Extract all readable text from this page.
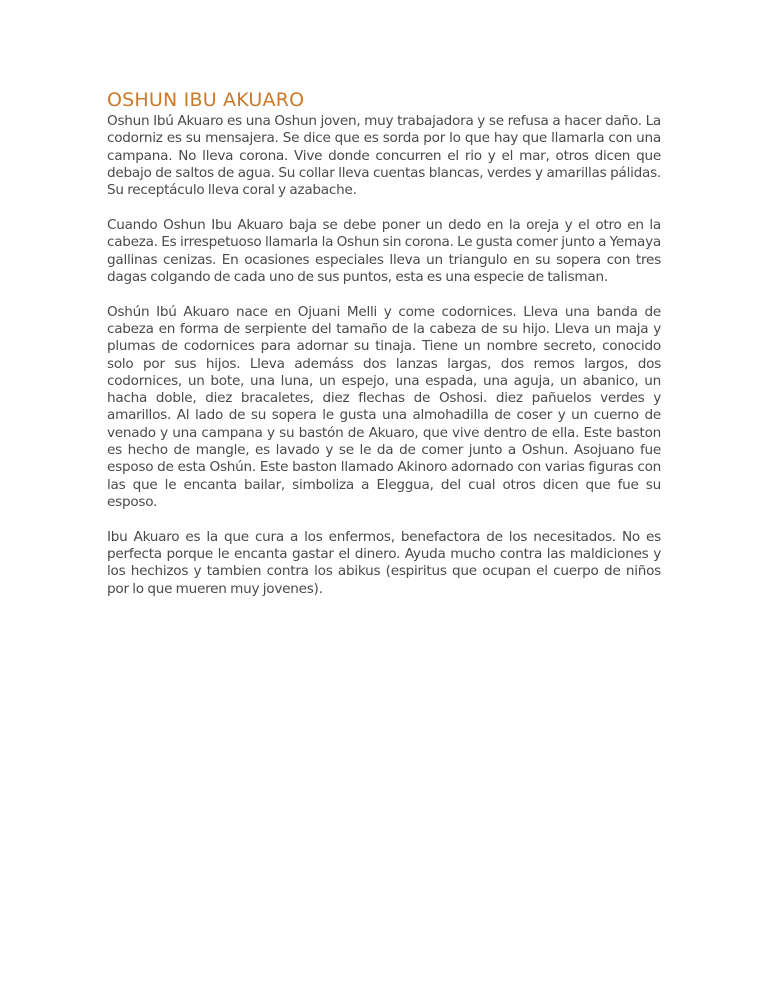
OSHUN IBU AKUARO

Oshun Ibú Akuaro es una Oshun joven, muy trabajadora y se refusa a hacer daño. La codorniz es su mensajera. Se dice que es sorda por lo que hay que llamarla con una campana. No lleva corona. Vive donde concurren el rio y el mar, otros dicen que debajo de saltos de agua. Su collar lleva cuentas blancas, verdes y amarillas pálidas. Su receptáculo lleva coral y azabache.

Cuando Oshun Ibu Akuaro baja se debe poner un dedo en la oreja y el otro en la cabeza. Es irrespetuoso llamarla la Oshun sin corona. Le gusta comer junto a Yemaya gallinas cenizas. En ocasiones especiales lleva un triangulo en su sopera con tres dagas colgando de cada uno de sus puntos, esta es una especie de talisman.

Oshún Ibú Akuaro nace en Ojuani Melli y come codornices. Lleva una banda de cabeza en forma de serpiente del tamaño de la cabeza de su hijo. Lleva un maja y plumas de codornices para adornar su tinaja. Tiene un nombre secreto, conocido solo por sus hijos. Lleva ademáss dos lanzas largas, dos remos largos, dos codornices, un bote, una luna, un espejo, una espada, una aguja, un abanico, un hacha doble, diez bracaletes, diez flechas de Oshosi. diez pañuelos verdes y amarillos. Al lado de su sopera le gusta una almohadilla de coser y un cuerno de venado y una campana y su bastón de Akuaro, que vive dentro de ella. Este baston es hecho de mangle, es lavado y se le da de comer junto a Oshun. Asojuano fue esposo de esta Oshún. Este baston llamado Akinoro adornado con varias figuras con las que le encanta bailar, simboliza a Eleggua, del cual otros dicen que fue su esposo.

Ibu Akuaro es la que cura a los enfermos, benefactora de los necesitados. No es perfecta porque le encanta gastar el dinero. Ayuda mucho contra las maldiciones y los hechizos y tambien contra los abikus (espiritus que ocupan el cuerpo de niños por lo que mueren muy jovenes).
